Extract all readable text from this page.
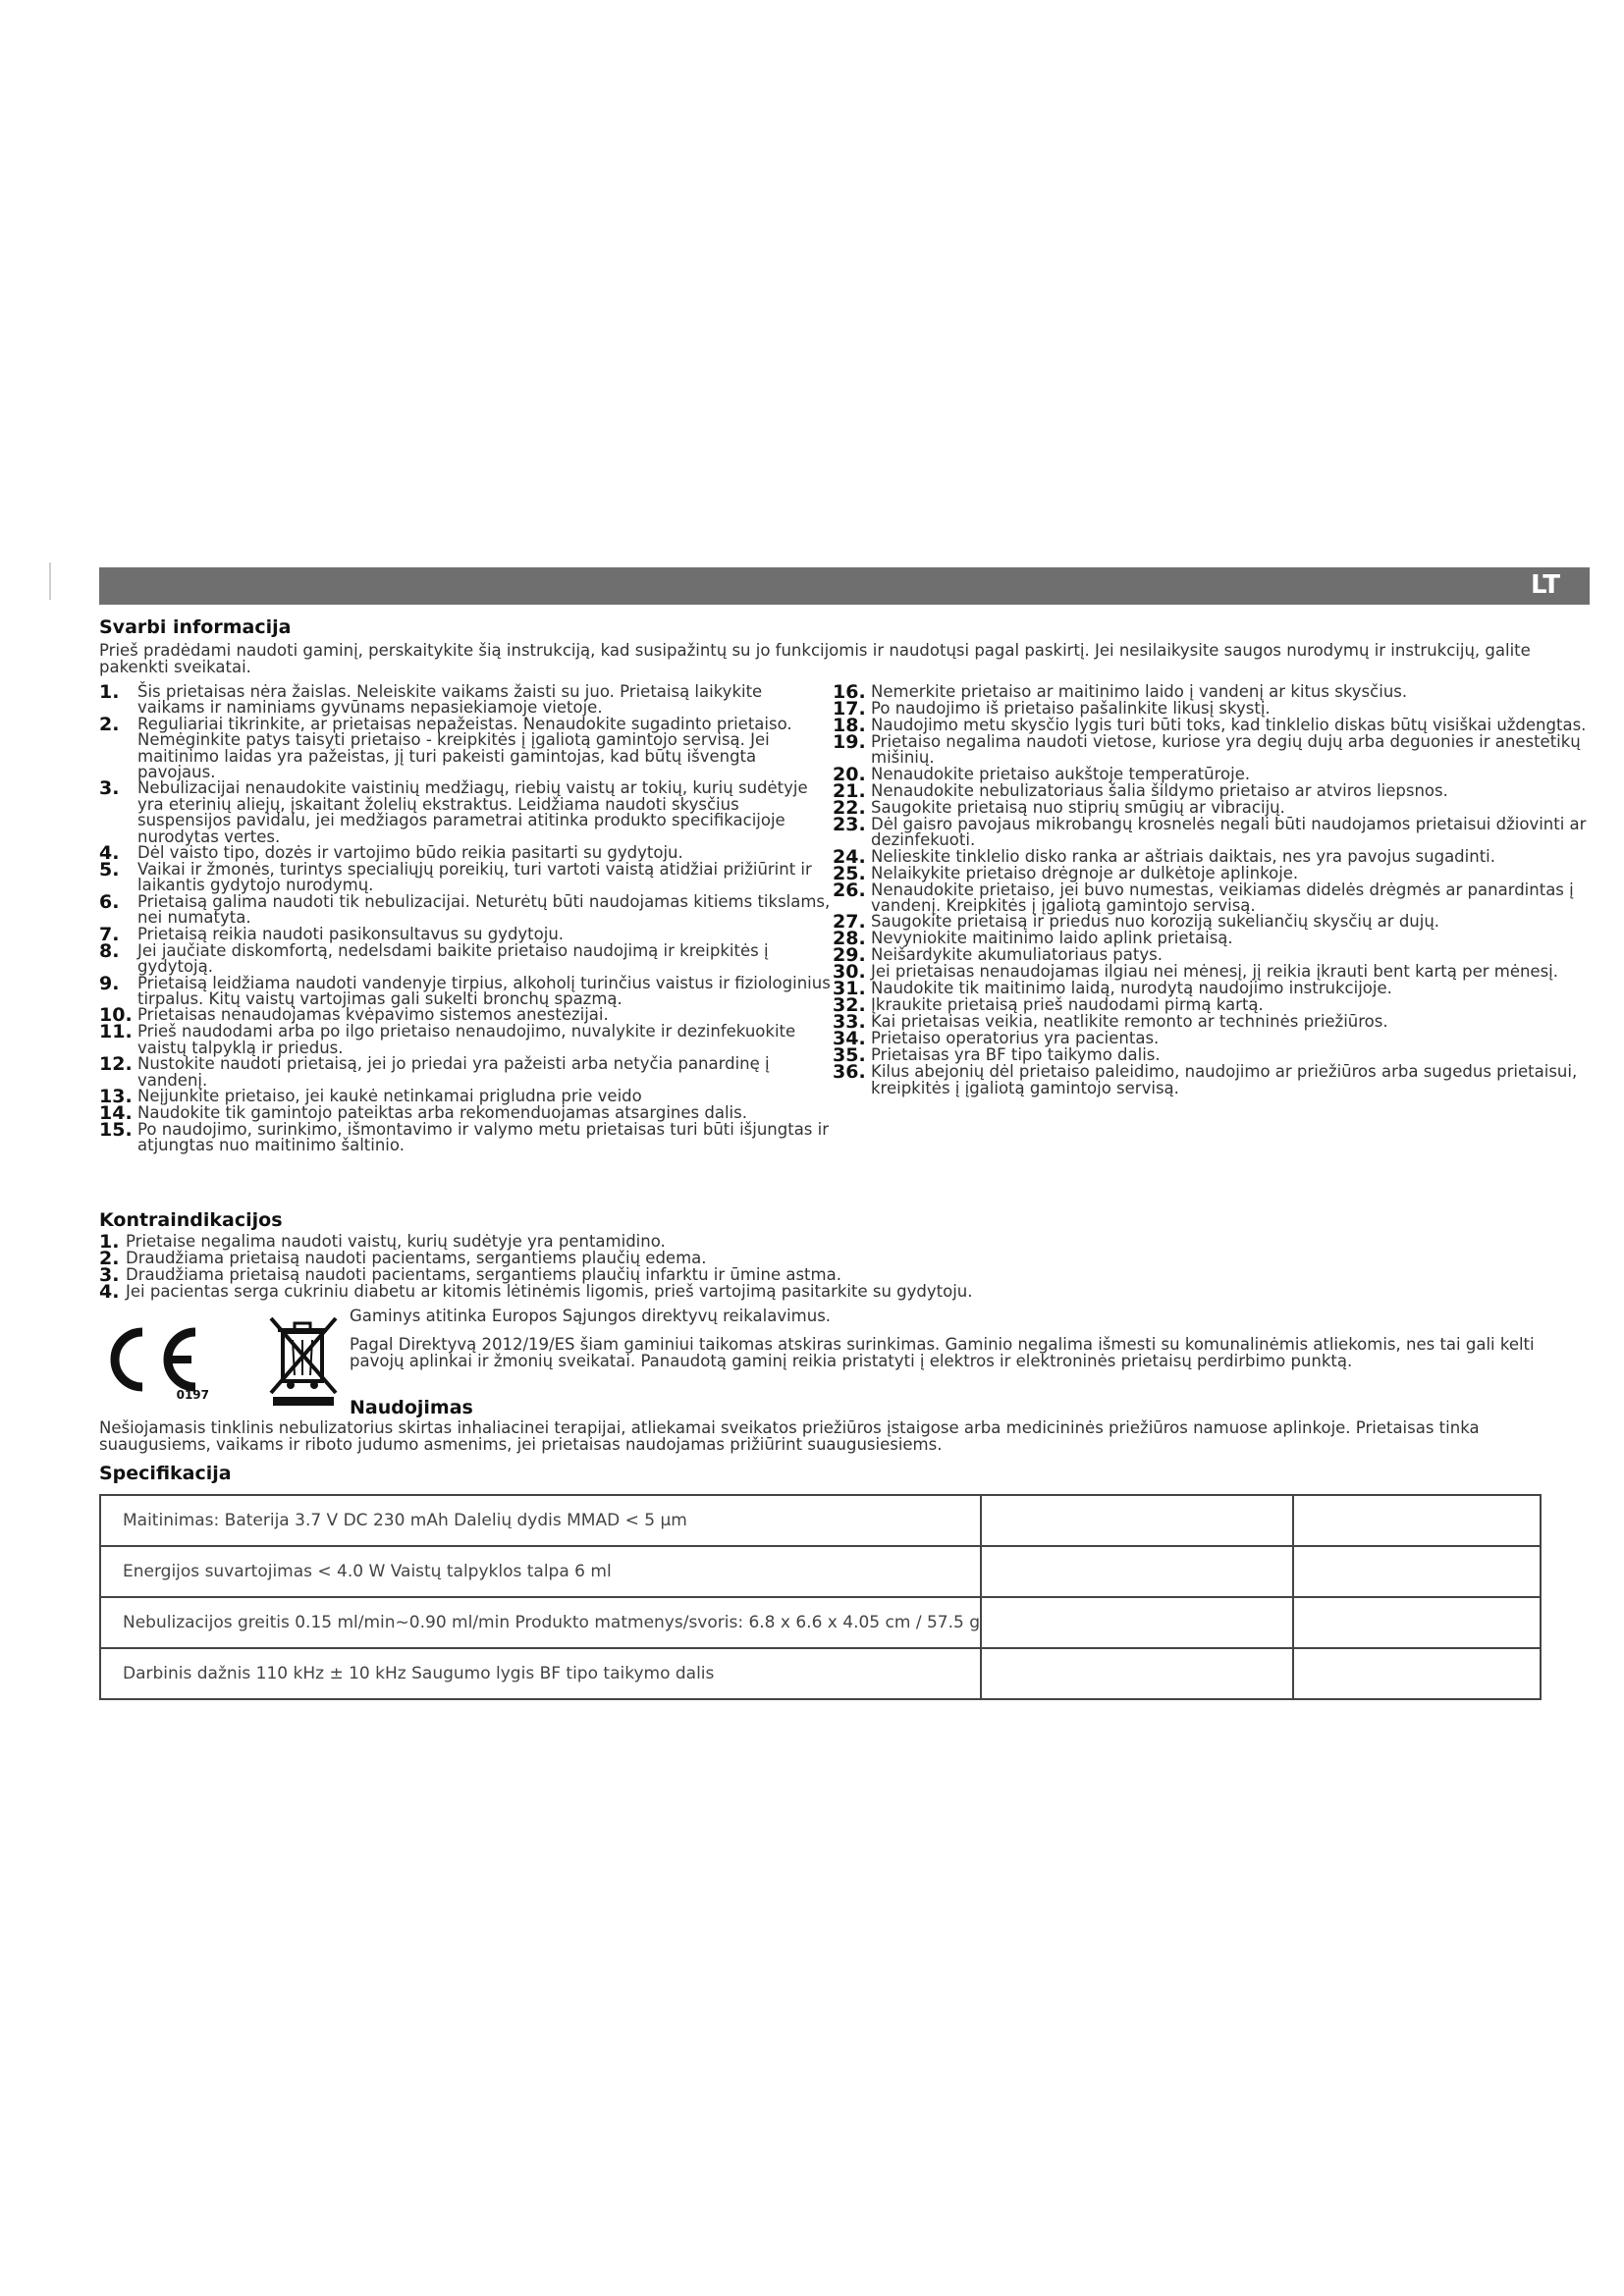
LT
Svarbi informacija
Prieš pradėdami naudoti gaminį, perskaitykite šią instrukciją, kad susipažintų su jo funkcijomis ir naudotųsi pagal paskirtį. Jei nesilaikysite saugos nurodymų ir instrukcijų, galite pakenkti sveikatai.
1.	Šis prietaisas nėra žaislas. Neleiskite vaikams žaisti su juo. Prietaisą laikykite vaikams ir naminiams gyvūnams nepasiekiamoje vietoje.
2.	Reguliariai tikrinkite, ar prietaisas nepažeistas. Nenaudokite sugadinto prietaiso. Nemėginkite patys taisyti prietaiso - kreipkitės į įgaliotą gamintojo servisą. Jei maitinimo laidas yra pažeistas, jį turi pakeisti gamintojas, kad būtų išvengta pavojaus.
3.	Nebulizacijai nenaudokite vaistinių medžiagų, riebių vaistų ar tokių, kurių sudėtyje yra eterinių aliejų, įskaitant žolelių ekstraktus. Leidžiama naudoti skysčius suspensijos pavidalu, jei medžiagos parametrai atitinka produkto specifikacijoje nurodytas vertes.
4.	Dėl vaisto tipo, dozės ir vartojimo būdo reikia pasitarti su gydytoju.
5.	Vaikai ir žmonės, turintys specialiųjų poreikių, turi vartoti vaistą atidžiai prižiūrint ir laikantis gydytojo nurodymų.
6.	Prietaisą galima naudoti tik nebulizacijai. Neturėtų būti naudojamas kitiems tikslams, nei numatyta.
7.	Prietaisą reikia naudoti pasikonsultavus su gydytoju.
8.	Jei jaučiate diskomfortą, nedelsdami baikite prietaiso naudojimą ir kreipkitės į gydytoją.
9.	Prietaisą leidžiama naudoti vandenyje tirpius, alkoholį turinčius vaistus ir fiziologinius tirpalus. Kitų vaistų vartojimas gali sukelti bronchų spazmą.
10. Prietaisas nenaudojamas kvėpavimo sistemos anestezijai.
11. Prieš naudodami arba po ilgo prietaiso nenaudojimo, nuvalykite ir dezinfekuokite vaistų talpyklą ir priedus.
12. Nustokite naudoti prietaisą, jei jo priedai yra pažeisti arba netyčia panardinę į vandenį.
13. Neįjunkite prietaiso, jei kaukė netinkamai prigludna prie veido
14. Naudokite tik gamintojo pateiktas arba rekomenduojamas atsargines dalis.
15. Po naudojimo, surinkimo, išmontavimo ir valymo metu prietaisas turi būti išjungtas ir atjungtas nuo maitinimo šaltinio.
16. Nemerkite prietaiso ar maitinimo laido į vandenį ar kitus skysčius.
17. Po naudojimo iš prietaiso pašalinkite likusį skystį.
18. Naudojimo metu skysčio lygis turi būti toks, kad tinklelio diskas būtų visiškai uždengtas.
19. Prietaiso negalima naudoti vietose, kuriose yra degių dujų arba deguonies ir anestetikų mišinių.
20. Nenaudokite prietaiso aukštoje temperatūroje.
21. Nenaudokite nebulizatoriaus šalia šildymo prietaiso ar atviros liepsnos.
22. Saugokite prietaisą nuo stiprių smūgių ar vibracijų.
23. Dėl gaisro pavojaus mikrobangų krosnelės negali būti naudojamos prietaisui džiovinti ar dezinfekuoti.
24. Nelieskite tinklelio disko ranka ar aštriais daiktais, nes yra pavojus sugadinti.
25. Nelaikykite prietaiso drėgnoje ar dulkėtoje aplinkoje.
26. Nenaudokite prietaiso, jei buvo numestas, veikiamas didelės drėgmės ar panardintas į vandenį. Kreipkitės į įgaliotą gamintojo servisą.
27. Saugokite prietaisą ir priedus nuo koroziją sukeliančių skysčių ar dujų.
28. Nevyniokite maitinimo laido aplink prietaisą.
29. Neišardykite akumuliatoriaus patys.
30. Jei prietaisas nenaudojamas ilgiau nei mėnesį, jį reikia įkrauti bent kartą per mėnesį.
31. Naudokite tik maitinimo laidą, nurodytą naudojimo instrukcijoje.
32. Įkraukite prietaisą prieš naudodami pirmą kartą.
33. Kai prietaisas veikia, neatlikite remonto ar techninės priežiūros.
34. Prietaiso operatorius yra pacientas.
35. Prietaisas yra BF tipo taikymo dalis.
36. Kilus abejonių dėl prietaiso paleidimo, naudojimo ar priežiūros arba sugedus prietaisui, kreipkitės į įgaliotą gamintojo servisą.
Kontraindikacijos
1. Prietaise negalima naudoti vaistų, kurių sudėtyje yra pentamidino.
2. Draudžiama prietaisą naudoti pacientams, sergantiems plaučių edema.
3. Draudžiama prietaisą naudoti pacientams, sergantiems plaučių infarktu ir ūmine astma.
4. Jei pacientas serga cukriniu diabetu ar kitomis lėtinėmis ligomis, prieš vartojimą pasitarkite su gydytoju.
0197
Gaminys atitinka Europos Sąjungos direktyvų reikalavimus.
Pagal Direktyvą 2012/19/ES šiam gaminiui taikomas atskiras surinkimas. Gaminio negalima išmesti su komunalinėmis atliekomis, nes tai gali kelti pavojų aplinkai ir žmonių sveikatai. Panaudotą gaminį reikia pristatyti į elektros ir elektroninės prietaisų perdirbimo punktą.
Naudojimas
Nešiojamasis tinklinis nebulizatorius skirtas inhaliacinei terapijai, atliekamai sveikatos priežiūros įstaigose arba medicininės priežiūros namuose aplinkoje. Prietaisas tinka suaugusiems, vaikams ir riboto judumo asmenims, jei prietaisas naudojamas prižiūrint suaugusiesiems.
Specifikacija
Maitinimas: Baterija 3.7 V DC 230 mAh Dalelių dydis MMAD < 5 μm		
Energijos suvartojimas < 4.0 W Vaistų talpyklos talpa 6 ml		
Nebulizacijos greitis 0.15 ml/min~0.90 ml/min Produkto matmenys/svoris: 6.8 x 6.6 x 4.05 cm / 57.5 g		
Darbinis dažnis 110 kHz ± 10 kHz Saugumo lygis BF tipo taikymo dalis		
